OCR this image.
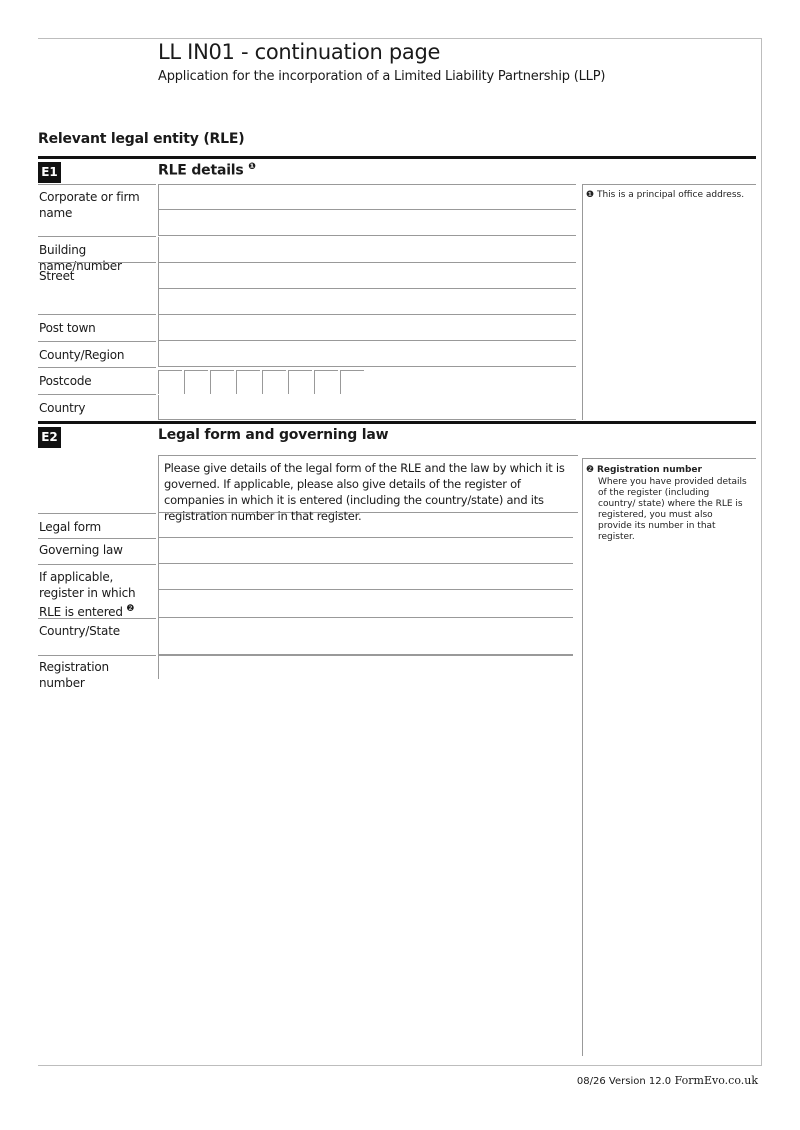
LL IN01 - continuation page
Application for the incorporation of a Limited Liability Partnership (LLP)
Relevant legal entity (RLE)
E1	RLE details $^❶$
Corporate or firm name
Building name/number
Street
Post town
County/Region
Postcode
Country
❶ This is a principal office address.
E2	Legal form and governing law
Please give details of the legal form of the RLE and the law by which it is governed. If applicable, please also give details of the register of companies in which it is entered (including the country/state) and its registration number in that register.
Legal form
Governing law
If applicable, register in which RLE is entered $^❷$
Country/State
Registration number
❷ Registration number
Where you have provided details of the register (including country/ state) where the RLE is registered, you must also provide its number in that register.
08/26 Version 12.0 FormEvo.co.uk
